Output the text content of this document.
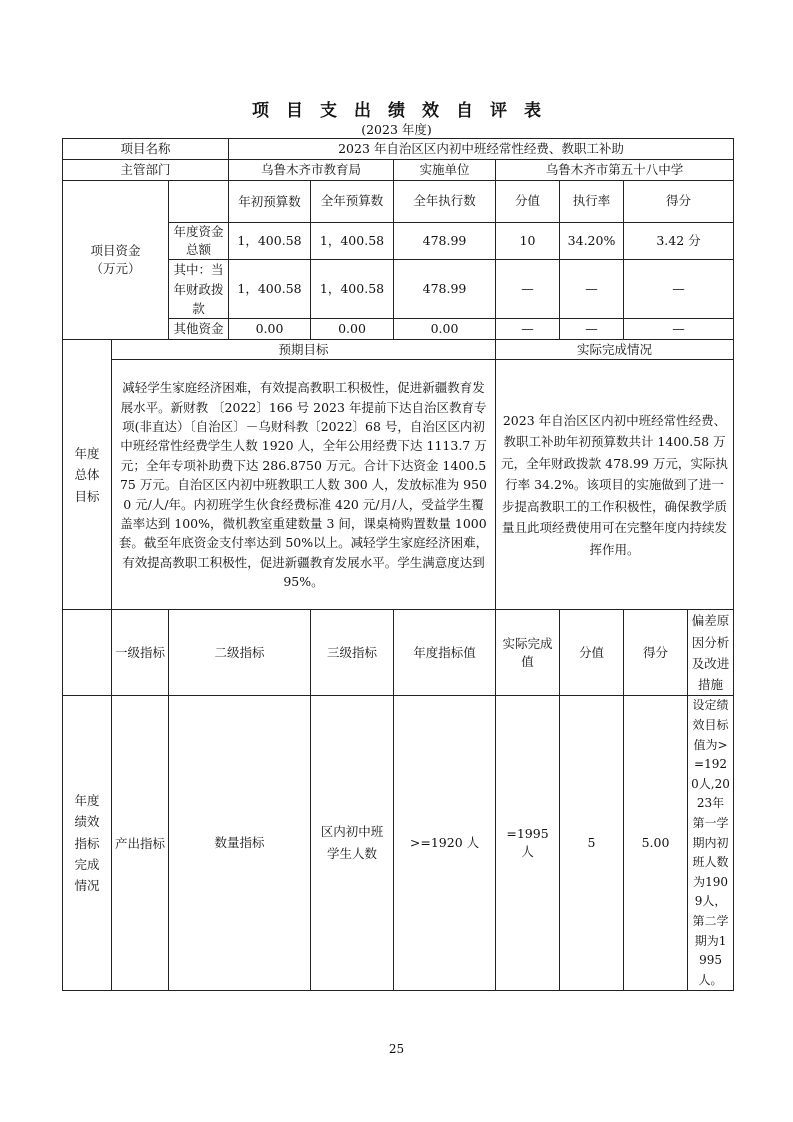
项目支出绩效自评表
(2023 年度)
项目名称			2023 年自治区区内初中班经常性经费、教职工补助						
主管部门			乌鲁木齐市教育局		实施单位	乌鲁木齐市第五十八中学			
项目资金
（万元）			年初预算数	全年预算数	全年执行数	分值	执行率	得分	
		年度资金总额	1，400.58	1，400.58	478.99	10	34.20%	3.42 分	
		其中：当年财政拨款	1，400.58	1，400.58	478.99	—	—	—	
		其他资金	0.00	0.00	0.00	—	—	—	
年度
总体
目标	预期目标					实际完成情况			
	减轻学生家庭经济困难，有效提高教职工积极性，促进新疆教育发展水平。新财教 〔2022〕166 号 2023 年提前下达自治区教育专项(非直达）〔自治区〕－乌财科教〔2022〕68 号，自治区区内初中班经常性经费学生人数 1920 人，全年公用经费下达 1113.7 万元；全年专项补助费下达 286.8750 万元。合计下达资金 1400.575 万元。自治区区内初中班教职工人数 300 人，发放标准为 9500 元/人/年。内初班学生伙食经费标准 420 元/月/人，受益学生覆盖率达到 100%，微机教室重建数量 3 间，课桌椅购置数量 1000 套。截至年底资金支付率达到 50%以上。减轻学生家庭经济困难，有效提高教职工积极性，促进新疆教育发展水平。学生满意度达到 95%。					2023 年自治区区内初中班经常性经费、教职工补助年初预算数共计 1400.58 万元，全年财政拨款 478.99 万元，实际执行率 34.2%。该项目的实施做到了进一步提高教职工的工作积极性，确保教学质量且此项经费使用可在完整年度内持续发挥作用。			
	一级指标	二级指标		三级指标	年度指标值	实际完成值	分值	得分	偏差原因分析及改进措施
年度
绩效
指标
完成
情况	产出指标	数量指标		区内初中班学生人数	>=1920 人	=1995 人	5	5.00	设定绩效目标值为>=1920人,2023年第一学期内初班人数为1909人，第二学期为1995人。
25
